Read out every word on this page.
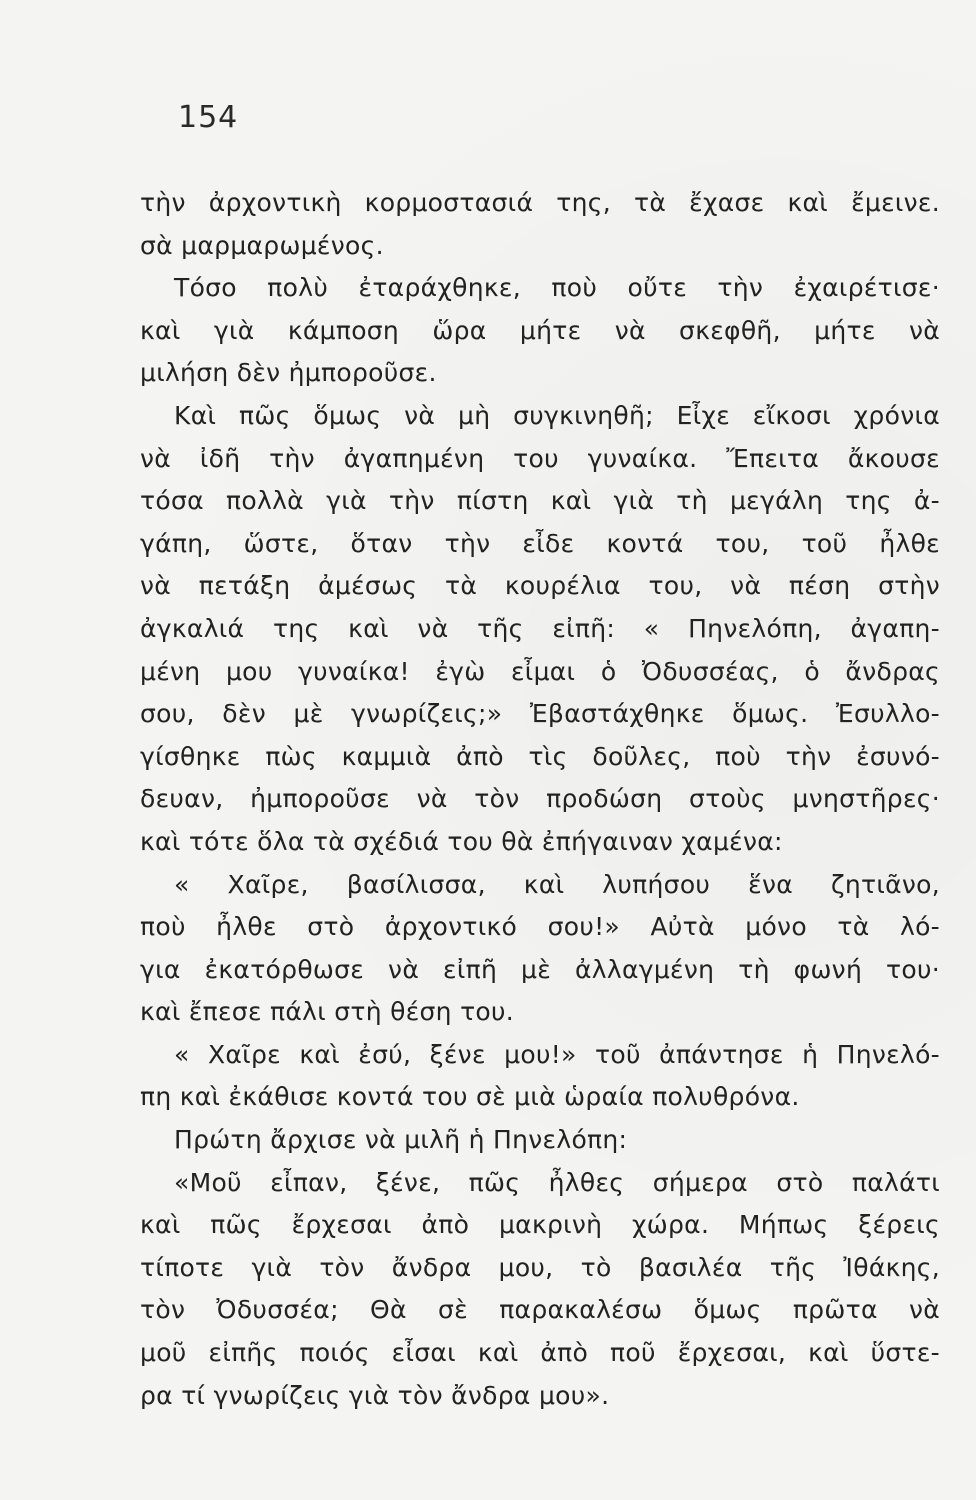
154
τὴν ἀρχοντικὴ κορμοστασιά της, τὰ ἔχασε καὶ ἔμεινε.
σὰ μαρμαρωμένος.
Τόσο πολὺ ἐταράχθηκε, ποὺ οὔτε τὴν ἐχαιρέτισε·
καὶ γιὰ κάμποση ὥρα μήτε νὰ σκεφθῆ, μήτε νὰ
μιλήση δὲν ἠμποροῦσε.
Καὶ πῶς ὅμως νὰ μὴ συγκινηθῆ; Εἶχε εἴκοσι χρόνια
νὰ ἰδῆ τὴν ἀγαπημένη του γυναίκα. Ἔπειτα ἄκουσε
τόσα πολλὰ γιὰ τὴν πίστη καὶ γιὰ τὴ μεγάλη της ἀ-
γάπη, ὥστε, ὅταν τὴν εἶδε κοντά του, τοῦ ἦλθε
νὰ πετάξη ἀμέσως τὰ κουρέλια του, νὰ πέση στὴν
ἀγκαλιά της καὶ νὰ τῆς εἰπῆ: « Πηνελόπη, ἀγαπη-
μένη μου γυναίκα! ἐγὼ εἶμαι ὁ Ὀδυσσέας, ὁ ἄνδρας
σου, δὲν μὲ γνωρίζεις;» Ἐβαστάχθηκε ὅμως. Ἐσυλλο-
γίσθηκε πὼς καμμιὰ ἀπὸ τὶς δοῦλες, ποὺ τὴν ἐσυνό-
δευαν, ἠμποροῦσε νὰ τὸν προδώση στοὺς μνηστῆρες·
καὶ τότε ὅλα τὰ σχέδιά του θὰ ἐπήγαιναν χαμένα:
« Χαῖρε, βασίλισσα, καὶ λυπήσου ἕνα ζητιᾶνο,
ποὺ ἦλθε στὸ ἀρχοντικό σου!» Αὐτὰ μόνο τὰ λό-
για ἐκατόρθωσε νὰ εἰπῆ μὲ ἀλλαγμένη τὴ φωνή του·
καὶ ἔπεσε πάλι στὴ θέση του.
« Χαῖρε καὶ ἐσύ, ξένε μου!» τοῦ ἀπάντησε ἡ Πηνελό-
πη καὶ ἐκάθισε κοντά του σὲ μιὰ ὡραία πολυθρόνα.
Πρώτη ἄρχισε νὰ μιλῆ ἡ Πηνελόπη:
«Μοῦ εἶπαν, ξένε, πῶς ἦλθες σήμερα στὸ παλάτι
καὶ πῶς ἔρχεσαι ἀπὸ μακρινὴ χώρα. Μήπως ξέρεις
τίποτε γιὰ τὸν ἄνδρα μου, τὸ βασιλέα τῆς Ἰθάκης,
τὸν Ὀδυσσέα; Θὰ σὲ παρακαλέσω ὅμως πρῶτα νὰ
μοῦ εἰπῆς ποιός εἶσαι καὶ ἀπὸ ποῦ ἔρχεσαι, καὶ ὕστε-
ρα τί γνωρίζεις γιὰ τὸν ἄνδρα μου».
